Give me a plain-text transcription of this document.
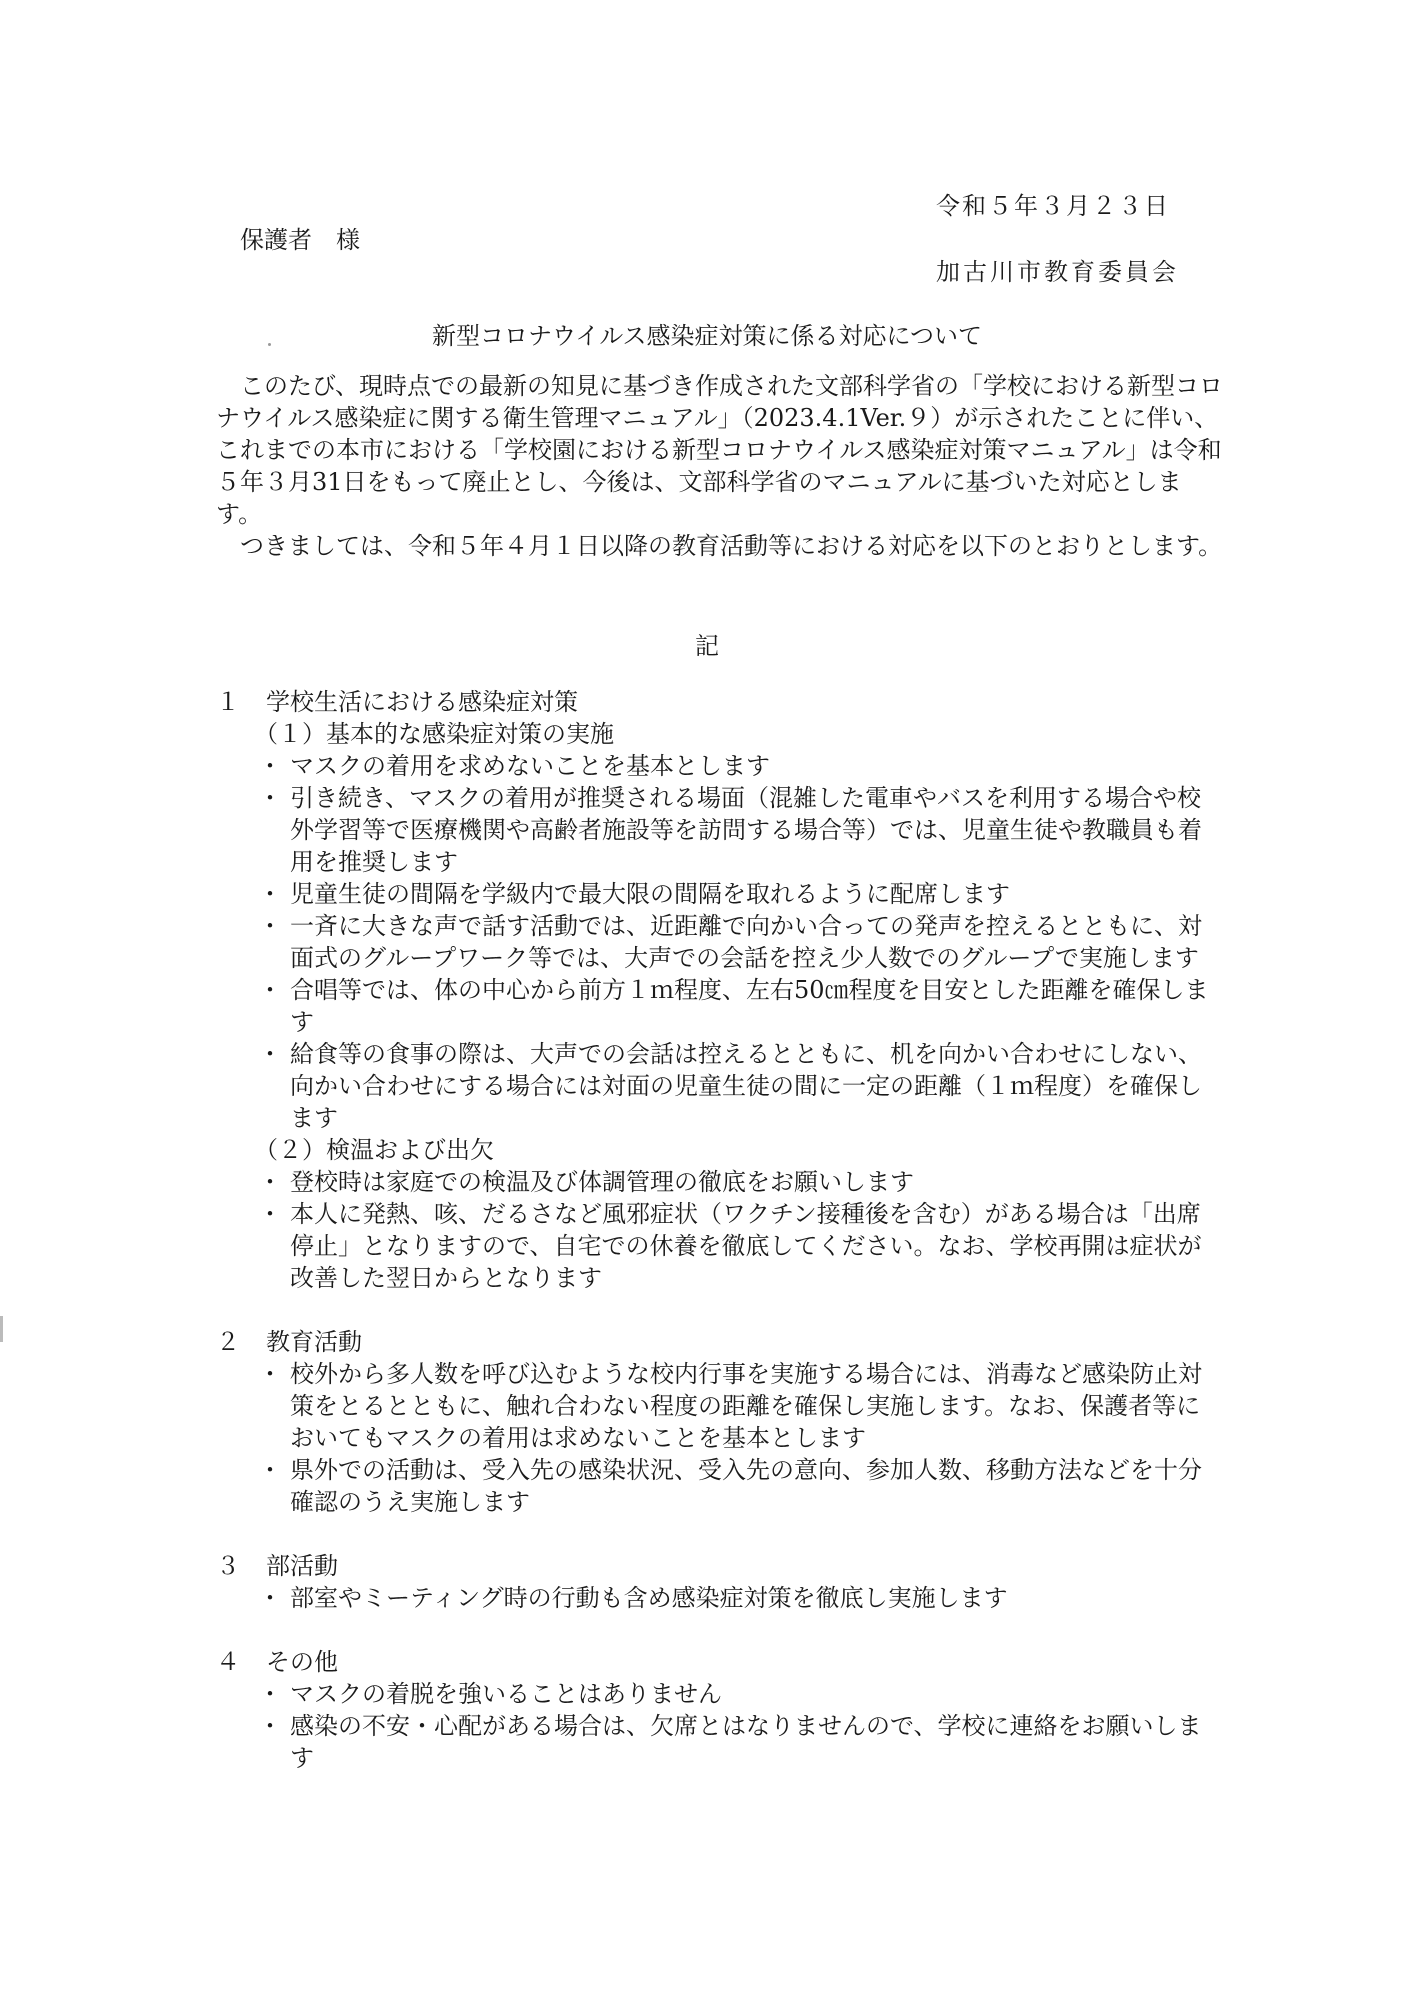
令和５年３月２３日
保護者　様
加古川市教育委員会
新型コロナウイルス感染症対策に係る対応について

　このたび、現時点での最新の知見に基づき作成された文部科学省の「学校における新型コロナウイルス感染症に関する衛生管理マニュアル」（2023.4.1Ver.９）が示されたことに伴い、これまでの本市における「学校園における新型コロナウイルス感染症対策マニュアル」は令和５年３月31日をもって廃止とし、今後は、文部科学省のマニュアルに基づいた対応とします。

　つきましては、令和５年４月１日以降の教育活動等における対応を以下のとおりとします。

記
１	学校生活における感染症対策
（１）基本的な感染症対策の実施
・ マスクの着用を求めないことを基本とします
・ 引き続き、マスクの着用が推奨される場面（混雑した電車やバスを利用する場合や校外学習等で医療機関や高齢者施設等を訪問する場合等）では、児童生徒や教職員も着用を推奨します
・ 児童生徒の間隔を学級内で最大限の間隔を取れるように配席します
・ 一斉に大きな声で話す活動では、近距離で向かい合っての発声を控えるとともに、対面式のグループワーク等では、大声での会話を控え少人数でのグループで実施します
・ 合唱等では、体の中心から前方１ｍ程度、左右50㎝程度を目安とした距離を確保します
・ 給食等の食事の際は、大声での会話は控えるとともに、机を向かい合わせにしない、向かい合わせにする場合には対面の児童生徒の間に一定の距離（１ｍ程度）を確保します
（２）検温および出欠
・ 登校時は家庭での検温及び体調管理の徹底をお願いします
・ 本人に発熱、咳、だるさなど風邪症状（ワクチン接種後を含む）がある場合は「出席停止」となりますので、自宅での休養を徹底してください。なお、学校再開は症状が改善した翌日からとなります
２	教育活動
・ 校外から多人数を呼び込むような校内行事を実施する場合には、消毒など感染防止対策をとるとともに、触れ合わない程度の距離を確保し実施します。なお、保護者等においてもマスクの着用は求めないことを基本とします
・ 県外での活動は、受入先の感染状況、受入先の意向、参加人数、移動方法などを十分確認のうえ実施します
３	部活動
・ 部室やミーティング時の行動も含め感染症対策を徹底し実施します
４	その他
・ マスクの着脱を強いることはありません
・ 感染の不安・心配がある場合は、欠席とはなりませんので、学校に連絡をお願いします
